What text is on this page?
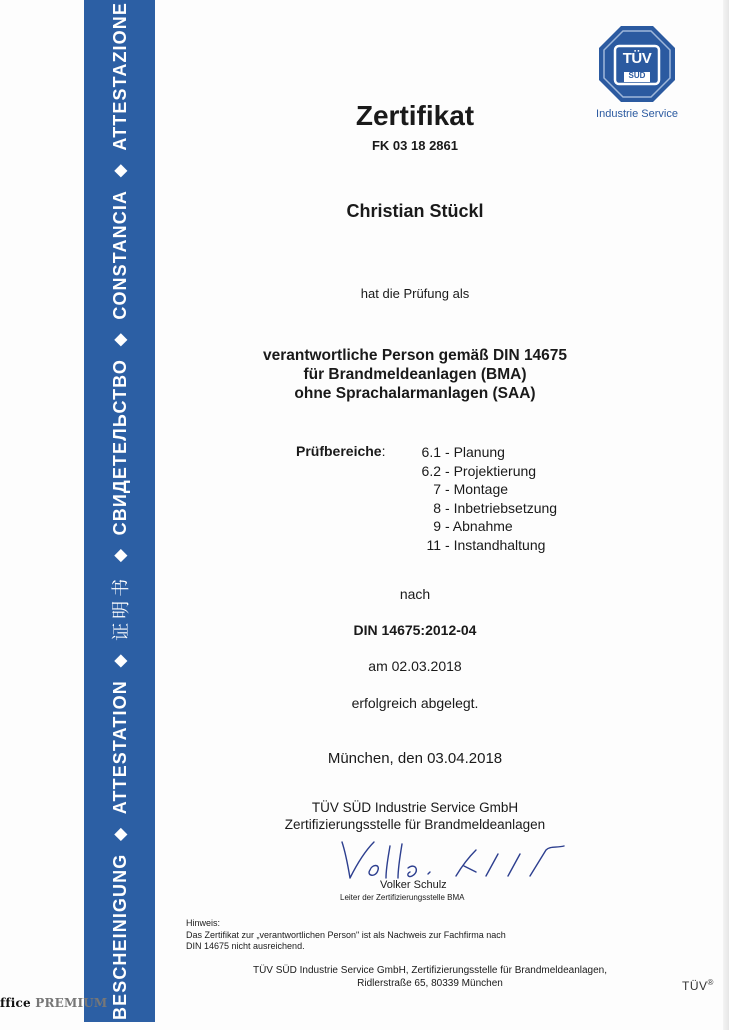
BESCHEINIGUNG
◆
ATTESTATION
◆
证明书
◆
СВИДЕТЕЛЬСТВО
◆
CONSTANCIA
◆
ATTESTAZIONE	TÜV
SÜD
Industrie Service
Zertifikat
FK 03 18 2861
Christian Stückl
hat die Prüfung als
verantwortliche Person gemäß DIN 14675
für Brandmeldeanlagen (BMA)
ohne Sprachalarmanlagen (SAA)
Prüfbereiche:	6.1 - Planung
6.2 - Projektierung
7 - Montage
8 - Inbetriebsetzung
9 - Abnahme
11 - Instandhaltung
nach
DIN 14675:2012-04
am 02.03.2018
erfolgreich abgelegt.
München, den 03.04.2018
TÜV SÜD Industrie Service GmbH
Zertifizierungsstelle für Brandmeldeanlagen
Volker Schulz
Leiter der Zertifizierungsstelle BMA
Hinweis:
Das Zertifikat zur „verantwortlichen Person" ist als Nachweis zur Fachfirma nach
DIN 14675 nicht ausreichend.
TÜV SÜD Industrie Service GmbH, Zertifizierungsstelle für Brandmeldeanlagen,
Ridlerstraße 65, 80339 München	TÜV®
ffice PREMIUM
